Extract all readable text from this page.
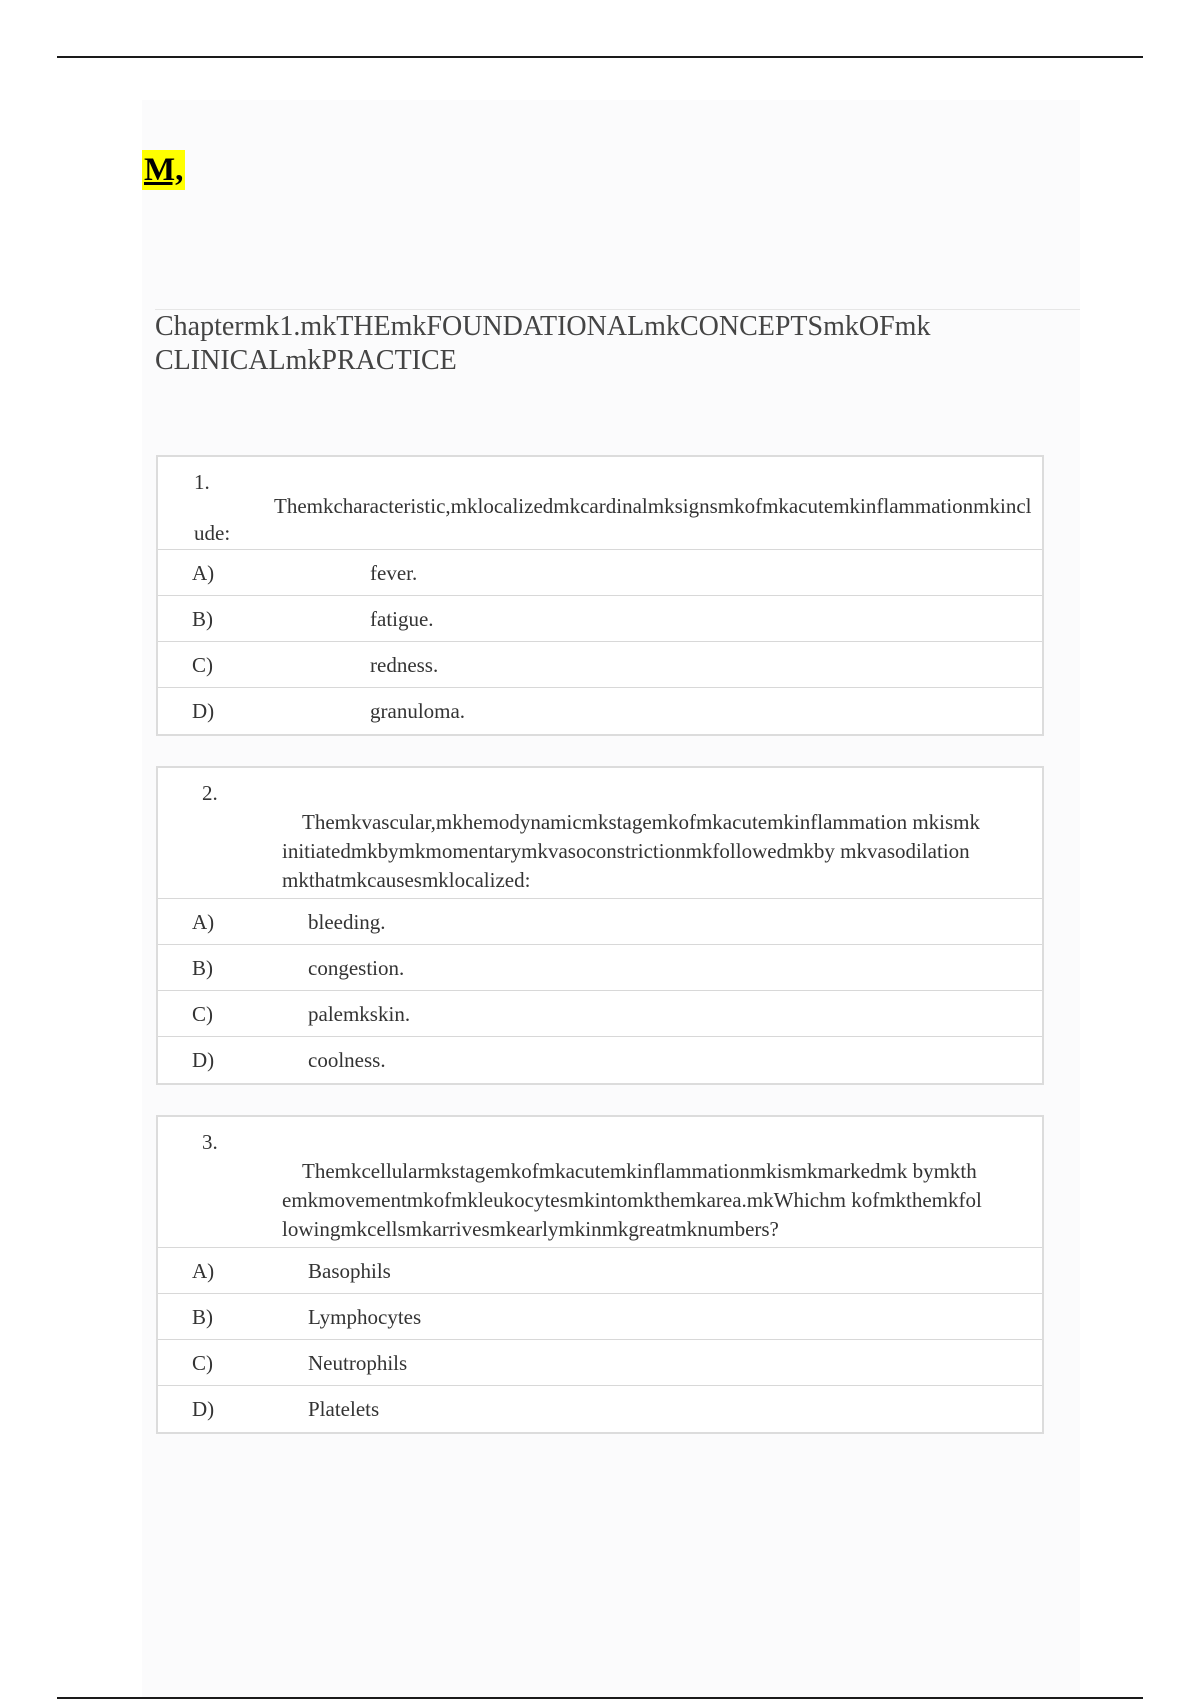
M,
Chaptermk1.mkTHEmkFOUNDATIONALmkCONCEPTSmkOFmkCLINICALmkPRACTICE
1.

Themkcharacteristic,mklocalizedmkcardinalmksignsmkofmkacutemkinflammationmkinclude:

A)	fever.
B)	fatigue.
C)	redness.
D)	granuloma.
2.

Themkvascular,mkhemodynamicmkstagemkofmkacutemkinflammation mkismkinitiatedmkbymkmomentarymkvasoconstrictionmkfollowedmkby mkvasodilationmkthatmkcausesmklocalized:

A)	bleeding.
B)	congestion.
C)	palemkskin.
D)	coolness.
3.

Themkcellularmkstagemkofmkacutemkinflammationmkismkmarkedmk bymkthemkmovementmkofmkleukocytesmkintomkthemkarea.mkWhichm kofmkthemkfollowingmkcellsmkarrivesmkearlymkinmkgreatmknumbers?

A)	Basophils
B)	Lymphocytes
C)	Neutrophils
D)	Platelets
